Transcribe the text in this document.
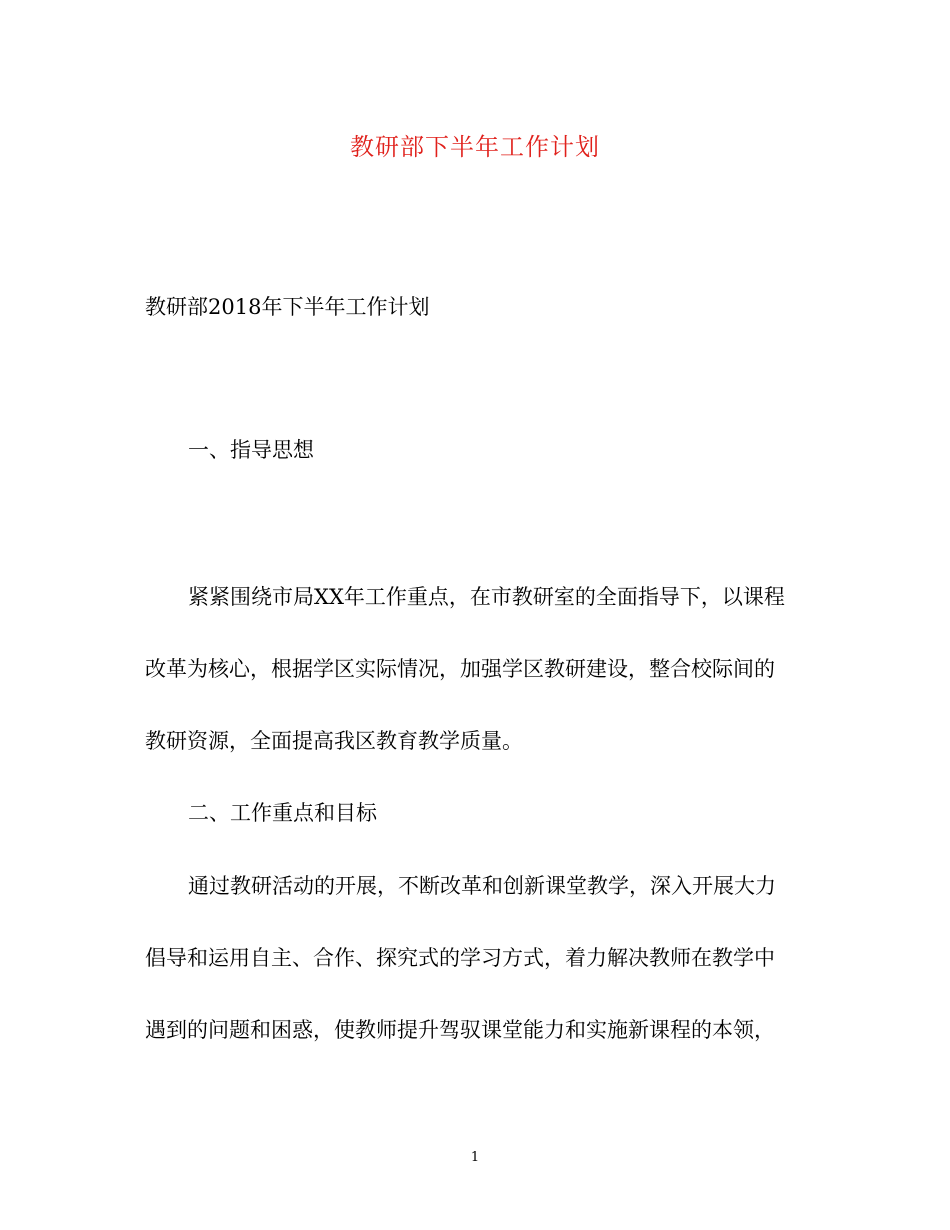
教研部下半年工作计划
教研部2018年下半年工作计划
一、指导思想
紧紧围绕市局XX年工作重点，在市教研室的全面指导下，以课程
改革为核心，根据学区实际情况，加强学区教研建设，整合校际间的
教研资源，全面提高我区教育教学质量。
二、工作重点和目标
通过教研活动的开展，不断改革和创新课堂教学，深入开展大力
倡导和运用自主、合作、探究式的学习方式，着力解决教师在教学中
遇到的问题和困惑，使教师提升驾驭课堂能力和实施新课程的本领，
1
